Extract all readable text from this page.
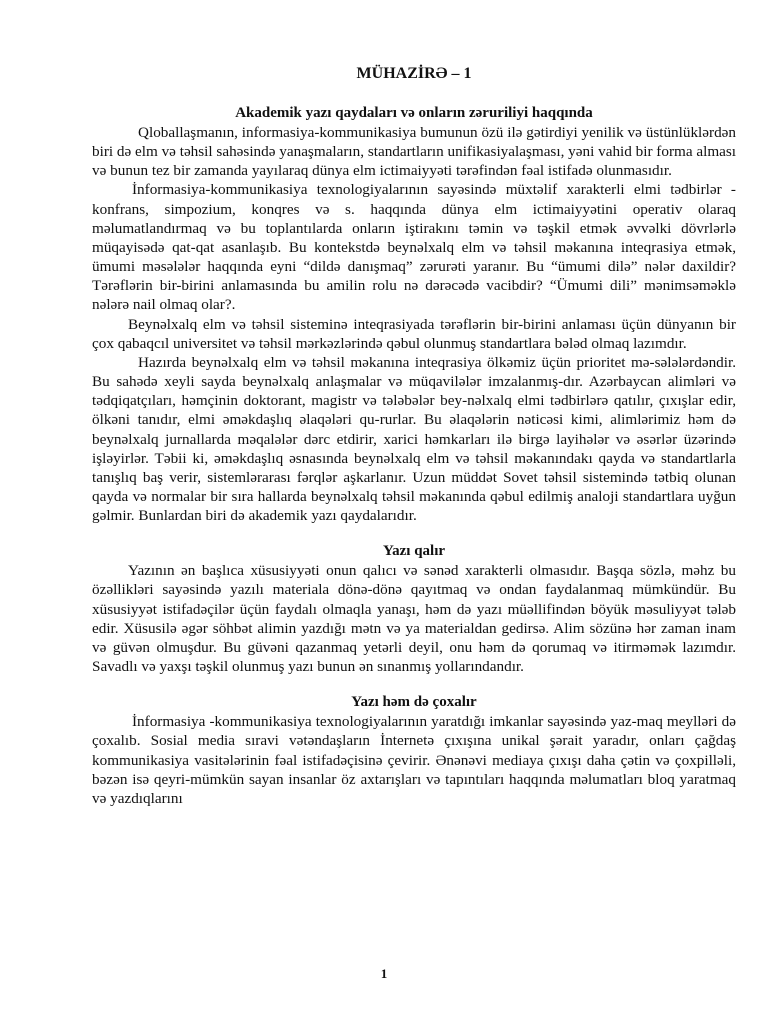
MÜHAZİRƏ – 1
Akademik yazı qaydaları və onların zəruriliyi haqqında

Qloballaşmanın, informasiya-kommunikasiya bumunun özü ilə gətirdiyi yenilik və üstünlüklərdən biri də elm və təhsil sahəsində yanaşmaların, standartların unifikasiyalaşması, yəni vahid bir forma alması və bunun tez bir zamanda yayılaraq dünya elm ictimaiyyəti tərəfindən fəal istifadə olunmasıdır.

İnformasiya-kommunikasiya texnologiyalarının sayəsində müxtəlif xarakterli elmi tədbirlər - konfrans, simpozium, konqres və s. haqqında dünya elm ictimaiyyətini operativ olaraq məlumatlandırmaq və bu toplantılarda onların iştirakını təmin və təşkil etmək əvvəlki dövrlərlə müqayisədə qat-qat asanlaşıb. Bu kontekstdə beynəlxalq elm və təhsil məkanına inteqrasiya etmək, ümumi məsələlər haqqında eyni “dildə danışmaq” zərurəti yaranır. Bu “ümumi dilə” nələr daxildir? Tərəflərin bir-birini anlamasında bu amilin rolu nə dərəcədə vacibdir? “Ümumi dili” mənimsəməklə nələrə nail olmaq olar?.

Beynəlxalq elm və təhsil sisteminə inteqrasiyada tərəflərin bir-birini anlaması üçün dünyanın bir çox qabaqcıl universitet və təhsil mərkəzlərində qəbul olunmuş standartlara bələd olmaq lazımdır.

Hazırda beynəlxalq elm və təhsil məkanına inteqrasiya ölkəmiz üçün prioritet mə-sələlərdəndir. Bu sahədə xeyli sayda beynəlxalq anlaşmalar və müqavilələr imzalanmış-dır. Azərbaycan alimləri və tədqiqatçıları, həmçinin doktorant, magistr və tələbələr bey-nəlxalq elmi tədbirlərə qatılır, çıxışlar edir, ölkəni tanıdır, elmi əməkdaşlıq əlaqələri qu-rurlar. Bu əlaqələrin nəticəsi kimi, alimlərimiz həm də beynəlxalq jurnallarda məqalələr dərc etdirir, xarici həmkarları ilə birgə layihələr və əsərlər üzərində işləyirlər. Təbii ki, əməkdaşlıq əsnasında beynəlxalq elm və təhsil məkanındakı qayda və standartlarla tanışlıq baş verir, sistemlərarası fərqlər aşkarlanır. Uzun müddət Sovet təhsil sistemində tətbiq olunan qayda və normalar bir sıra hallarda beynəlxalq təhsil məkanında qəbul edilmiş analoji standartlara uyğun gəlmir. Bunlardan biri də akademik yazı qaydalarıdır.

Yazı qalır

Yazının ən başlıca xüsusiyyəti onun qalıcı və sənəd xarakterli olmasıdır. Başqa sözlə, məhz bu özəllikləri sayəsində yazılı materiala dönə-dönə qayıtmaq və ondan faydalanmaq mümkündür. Bu xüsusiyyət istifadəçilər üçün faydalı olmaqla yanaşı, həm də yazı müəllifindən böyük məsuliyyət tələb edir. Xüsusilə əgər söhbət alimin yazdığı mətn və ya materialdan gedirsə. Alim sözünə hər zaman inam və güvən olmuşdur. Bu güvəni qazanmaq yetərli deyil, onu həm də qorumaq və itirməmək lazımdır. Savadlı və yaxşı təşkil olunmuş yazı bunun ən sınanmış yollarındandır.

Yazı həm də çoxalır

İnformasiya -kommunikasiya texnologiyalarının yaratdığı imkanlar sayəsində yaz-maq meylləri də çoxalıb. Sosial media sıravi vətəndaşların İnternetə çıxışına unikal şərait yaradır, onları çağdaş kommunikasiya vasitələrinin fəal istifadəçisinə çevirir. Ənənəvi mediaya çıxışı daha çətin və çoxpilləli, bəzən isə qeyri-mümkün sayan insanlar öz axtarışları və tapıntıları haqqında məlumatları bloq yaratmaq və yazdıqlarını

1
